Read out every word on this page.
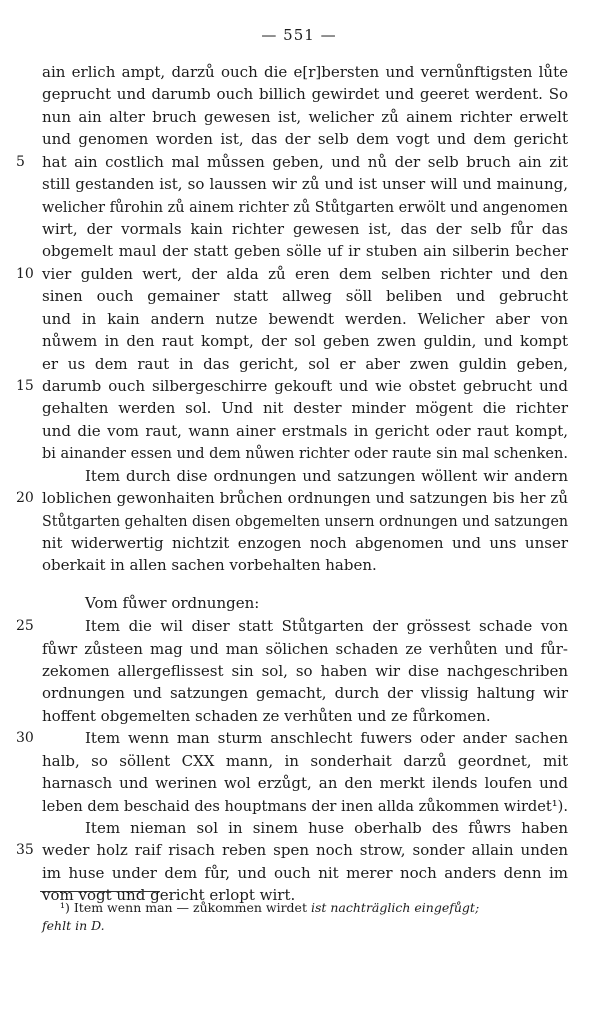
— 551 —
ain erlich ampt, darzů ouch die e[r]bersten und vernůnftigsten lůte
geprucht und darumb ouch billich gewirdet und geeret werdent. So
nun ain alter bruch gewesen ist, welicher zů ainem richter erwelt
und genomen worden ist, das der selb dem vogt und dem gericht
hat ain costlich mal můssen geben, und nů der selb bruch ain zit
still gestanden ist, so laussen wir zů und ist unser will und mainung,
welicher fůrohin zů ainem richter zů Stůtgarten erwölt und angenomen
wirt, der vormals kain richter gewesen ist, das der selb fůr das
obgemelt maul der statt geben sölle uf ir stuben ain silberin becher
vier gulden wert, der alda zů eren dem selben richter und den
sinen ouch gemainer statt allweg söll beliben und gebrucht
und in kain andern nutze bewendt werden. Welicher aber von
nůwem in den raut kompt, der sol geben zwen guldin, und kompt
er us dem raut in das gericht, sol er aber zwen guldin geben,
darumb ouch silbergeschirre gekouft und wie obstet gebrucht und
gehalten werden sol. Und nit dester minder mögent die richter
und die vom raut, wann ainer erstmals in gericht oder raut kompt,
bi ainander essen und dem nůwen richter oder raute sin mal schenken.
Item durch dise ordnungen und satzungen wöllent wir andern
loblichen gewonhaiten brůchen ordnungen und satzungen bis her zů
Stůtgarten gehalten disen obgemelten unsern ordnungen und satzungen
nit widerwertig nichtzit enzogen noch abgenomen und uns unser
oberkait in allen sachen vorbehalten haben.
Vom fůwer ordnungen:
Item die wil diser statt Stůtgarten der grössest schade von
fůwr zůsteen mag und man sölichen schaden ze verhůten und fůr-
zekomen allergeflissest sin sol, so haben wir dise nachgeschriben
ordnungen und satzungen gemacht, durch der vlissig haltung wir
hoffent obgemelten schaden ze verhůten und ze fůrkomen.
Item wenn man sturm anschlecht fuwers oder ander sachen
halb, so söllent CXX mann, in sonderhait darzů geordnet, mit
harnasch und werinen wol erzůgt, an den merkt ilends loufen und
leben dem beschaid des houptmans der inen allda zůkommen wirdet¹).
Item nieman sol in sinem huse oberhalb des fůwrs haben
weder holz raif risach reben spen noch strow, sonder allain unden
im huse under dem fůr, und ouch nit merer noch anders denn im
vom vogt und gericht erlopt wirt.
5
10
15
20
25
30
35
¹) Item wenn man — zůkommen wirdet ist nachträglich eingefůgt;
fehlt in D.
